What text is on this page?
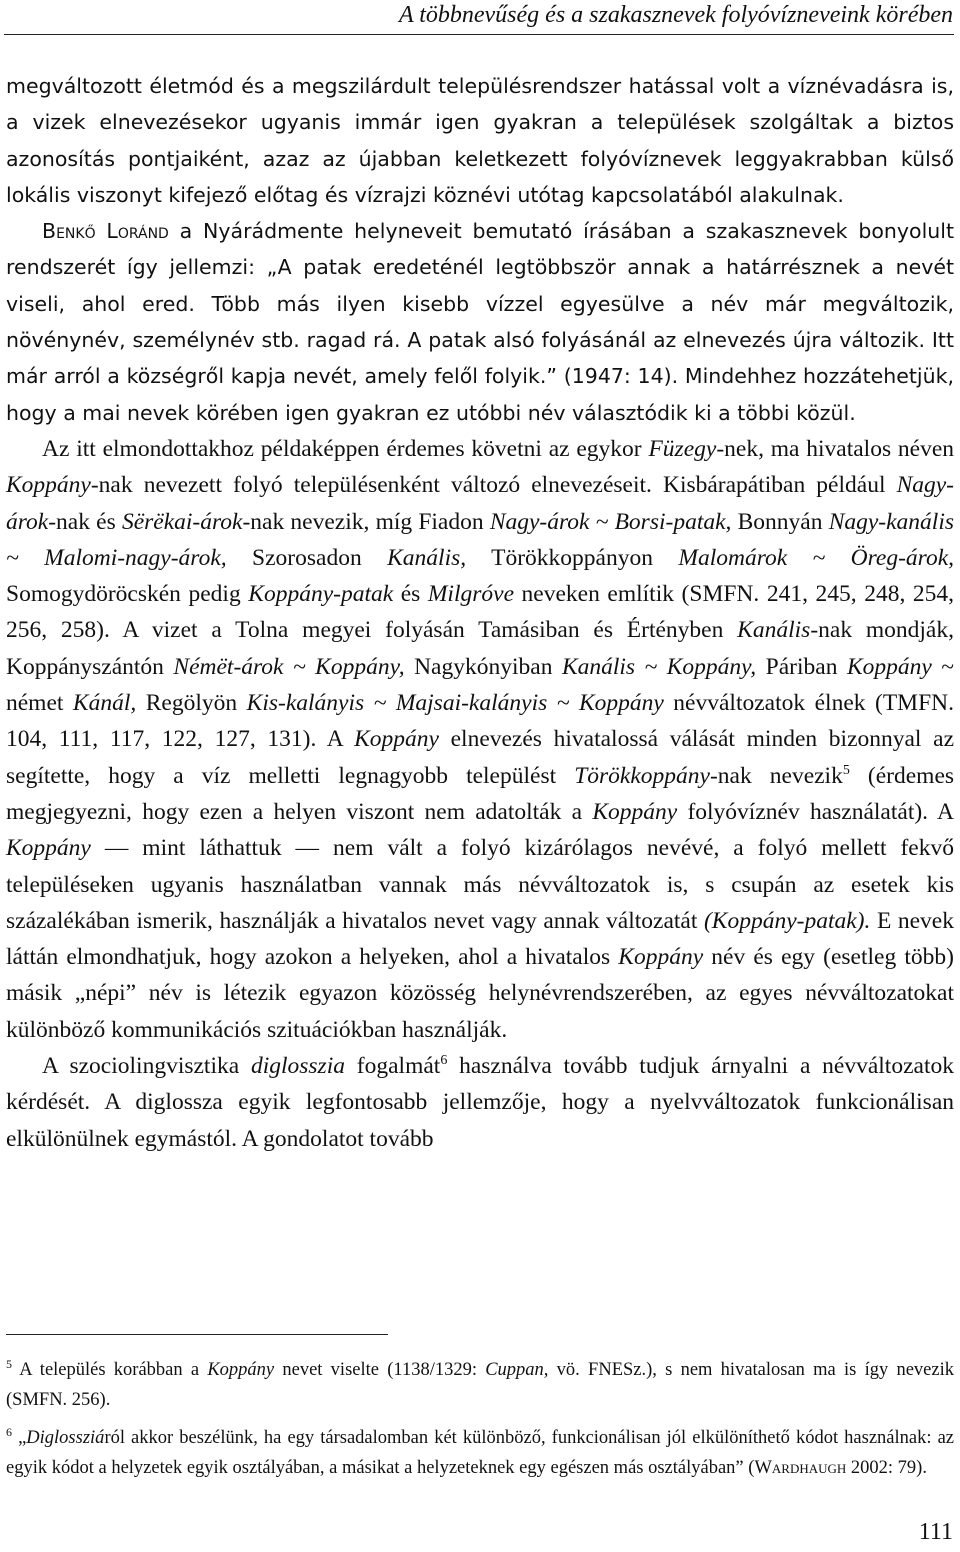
A többnevűség és a szakasznevek folyóvízneveink körében

megváltozott életmód és a megszilárdult településrendszer hatással volt a víznévadásra is, a vizek elnevezésekor ugyanis immár igen gyakran a települések szolgáltak a biztos azonosítás pontjaiként, azaz az újabban keletkezett folyóvíznevek leggyakrabban külső lokális viszonyt kifejező előtag és vízrajzi köznévi utótag kapcsolatából alakulnak.

Benkő Loránd a Nyárádmente helyneveit bemutató írásában a szakasznevek bonyolult rendszerét így jellemzi: „A patak eredeténél legtöbbször annak a határrésznek a nevét viseli, ahol ered. Több más ilyen kisebb vízzel egyesülve a név már megváltozik, növénynév, személynév stb. ragad rá. A patak alsó folyásánál az elnevezés újra változik. Itt már arról a községről kapja nevét, amely felől folyik.” (1947: 14). Mindehhez hozzátehetjük, hogy a mai nevek körében igen gyakran ez utóbbi név választódik ki a többi közül.

Az itt elmondottakhoz példaképpen érdemes követni az egykor Füzegy-nek, ma hivatalos néven Koppány-nak nevezett folyó településenként változó elnevezéseit. Kisbárapátiban például Nagy-árok-nak és Sërëkai-árok-nak nevezik, míg Fiadon Nagy-árok ~ Borsi-patak, Bonnyán Nagy-kanális ~ Malomi-nagy-árok, Szorosadon Kanális, Törökkoppányon Malomárok ~ Öreg-árok, Somogydöröcskén pedig Koppány-patak és Milgróve neveken említik (SMFN. 241, 245, 248, 254, 256, 258). A vizet a Tolna megyei folyásán Tamásiban és Értényben Kanális-nak mondják, Koppányszántón Némët-árok ~ Koppány, Nagykónyiban Kanális ~ Koppány, Páriban Koppány ~ német Kánál, Regölyön Kis-kalányis ~ Majsai-kalányis ~ Koppány névváltozatok élnek (TMFN. 104, 111, 117, 122, 127, 131). A Koppány elnevezés hivatalossá válását minden bizonnyal az segítette, hogy a víz melletti legnagyobb települést Törökkoppány-nak nevezik$^5$ (érdemes megjegyezni, hogy ezen a helyen viszont nem adatolták a Koppány folyóvíznév használatát). A Koppány — mint láthattuk — nem vált a folyó kizárólagos nevévé, a folyó mellett fekvő településeken ugyanis használatban vannak más névváltozatok is, s csupán az esetek kis százalékában ismerik, használják a hivatalos nevet vagy annak változatát (Koppány-patak). E nevek láttán elmondhatjuk, hogy azokon a helyeken, ahol a hivatalos Koppány név és egy (esetleg több) másik „népi” név is létezik egyazon közösség helynévrendszerében, az egyes névváltozatokat különböző kommunikációs szituációkban használják.

A szociolingvisztika diglosszia fogalmát$^6$ használva tovább tudjuk árnyalni a névváltozatok kérdését. A diglossza egyik legfontosabb jellemzője, hogy a nyelvváltozatok funkcionálisan elkülönülnek egymástól. A gondolatot tovább

$^5$ A település korábban a Koppány nevet viselte (1138/1329: Cuppan, vö. FNESz.), s nem hivatalosan ma is így nevezik (SMFN. 256).

$^6$ „Diglossziáról akkor beszélünk, ha egy társadalomban két különböző, funkcionálisan jól elkülöníthető kódot használnak: az egyik kódot a helyzetek egyik osztályában, a másikat a helyzeteknek egy egészen más osztályában” (Wardhaugh 2002: 79).

111
